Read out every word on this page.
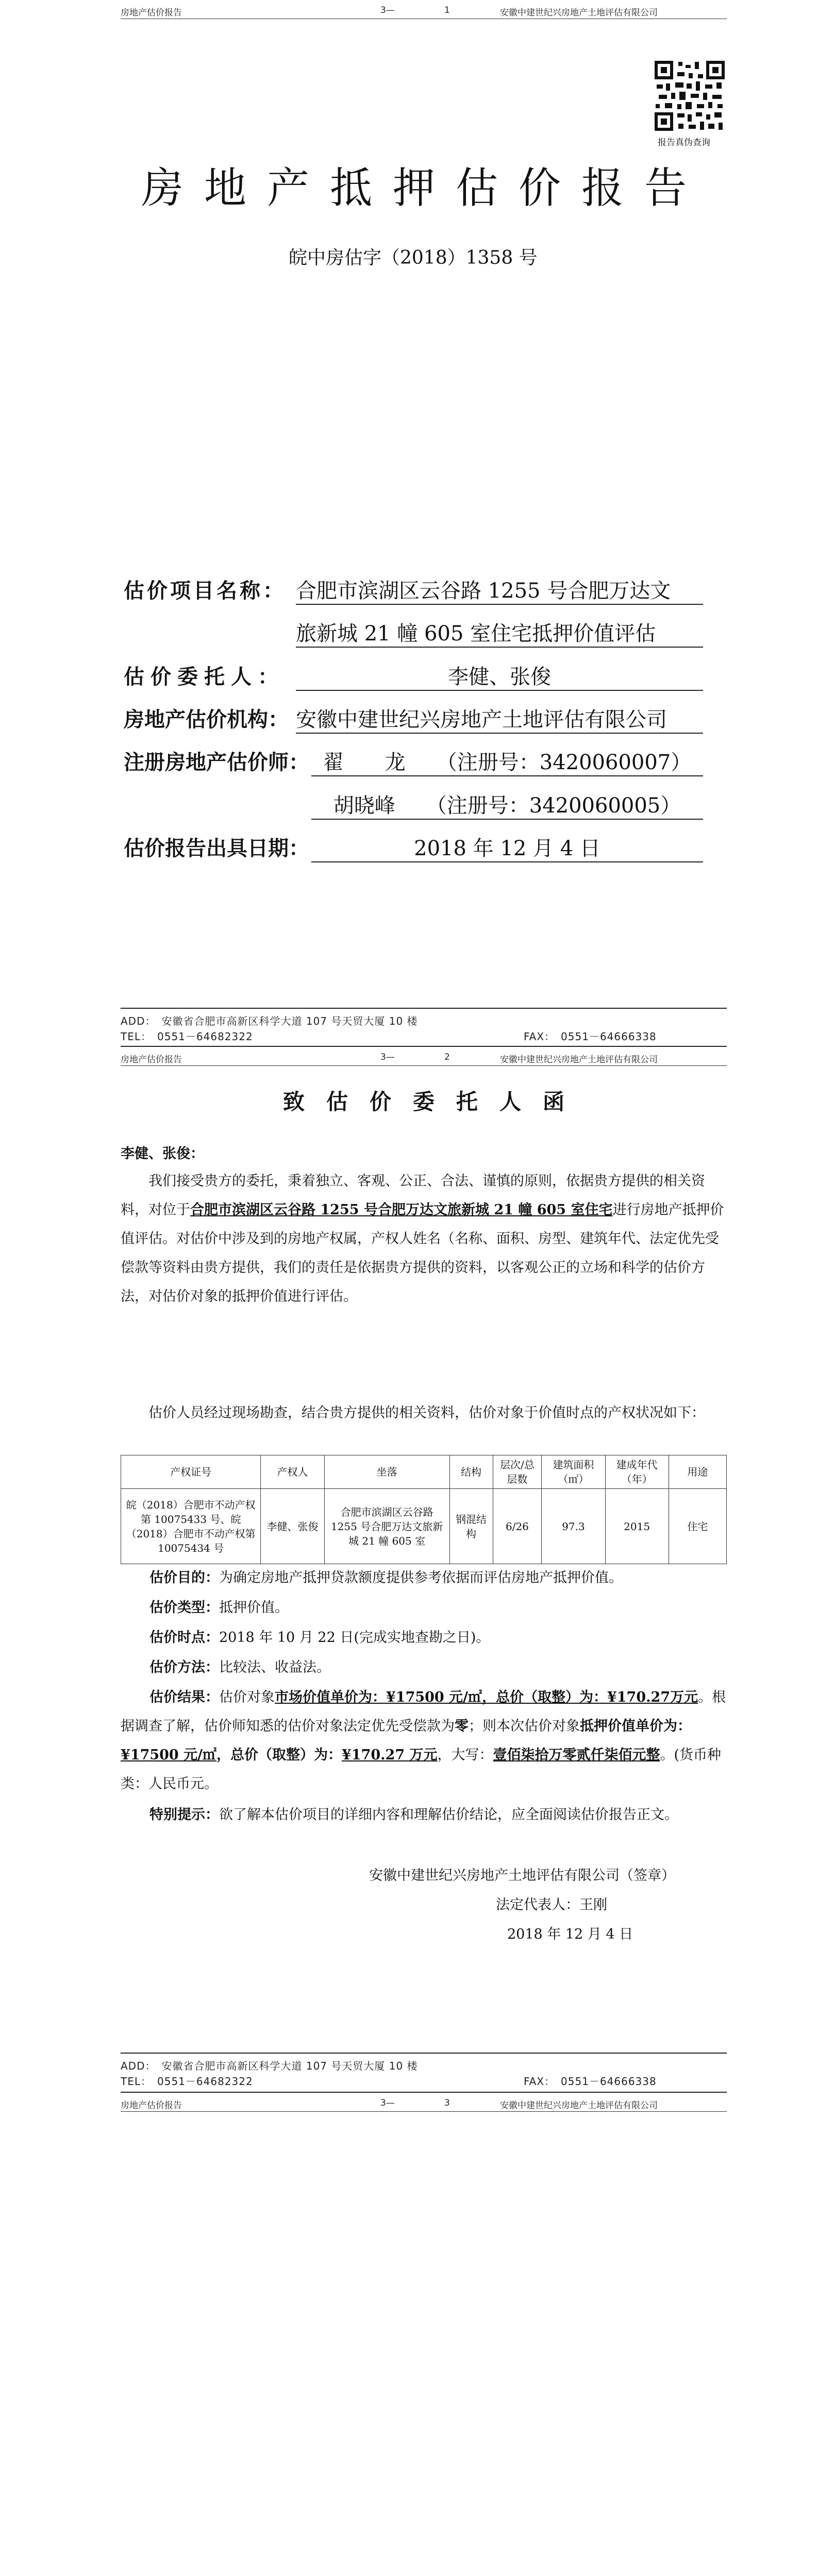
房地产估价报告	3—	1	安徽中建世纪兴房地产土地评估有限公司
报告真伪查询
房地产抵押估价报告
皖中房估字（2018）1358 号
估价项目名称： 合肥市滨湖区云谷路 1255 号合肥万达文
旅新城 21 幢 605 室住宅抵押价值评估
估价委托人：	李健、张俊
房地产估价机构： 安徽中建世纪兴房地产土地评估有限公司
注册房地产估价师： 翟　　龙　　（注册号：3420060007）
胡晓峰　　（注册号：3420060005）
估价报告出具日期：	2018 年 12 月 4 日
ADD：　安徽省合肥市高新区科学大道 107 号天贸大厦 10 楼
TEL：　0551－64682322	FAX：　0551－64666338
房地产估价报告	3—	2	安徽中建世纪兴房地产土地评估有限公司
致　估　价　委　托　人　函
李健、张俊：
我们接受贵方的委托，秉着独立、客观、公正、合法、谨慎的原则，依据贵方提供的相关资料，对位于合肥市滨湖区云谷路 1255 号合肥万达文旅新城 21 幢 605 室住宅进行房地产抵押价值评估。对估价中涉及到的房地产权属，产权人姓名（名称、面积、房型、建筑年代、法定优先受偿款等资料由贵方提供，我们的责任是依据贵方提供的资料，以客观公正的立场和科学的估价方法，对估价对象的抵押价值进行评估。
估价人员经过现场勘查，结合贵方提供的相关资料，估价对象于价值时点的产权状况如下：
产权证号	产权人	坐落	结构	层次/总层数	建筑面积（㎡）	建成年代（年）	用途
皖（2018）合肥市不动产权第 10075433 号、皖（2018）合肥市不动产权第 10075434 号	李健、张俊	合肥市滨湖区云谷路 1255 号合肥万达文旅新城 21 幢 605 室	钢混结构	6/26	97.3	2015	住宅
估价目的：为确定房地产抵押贷款额度提供参考依据而评估房地产抵押价值。
估价类型：抵押价值。
估价时点：2018 年 10 月 22 日(完成实地查勘之日)。
估价方法：比较法、收益法。
估价结果：估价对象市场价值单价为：¥17500 元/㎡，总价（取整）为：¥170.27万元。根据调查了解，估价师知悉的估价对象法定优先受偿款为零；则本次估价对象抵押价值单价为：¥17500 元/㎡，总价（取整）为：¥170.27 万元，大写：壹佰柒拾万零贰仟柒佰元整。(货币种类：人民币元。
特别提示：欲了解本估价项目的详细内容和理解估价结论，应全面阅读估价报告正文。
安徽中建世纪兴房地产土地评估有限公司（签章）
法定代表人：王刚
2018 年 12 月 4 日
ADD：　安徽省合肥市高新区科学大道 107 号天贸大厦 10 楼
TEL：　0551－64682322	FAX：　0551－64666338
房地产估价报告	3—	3	安徽中建世纪兴房地产土地评估有限公司
